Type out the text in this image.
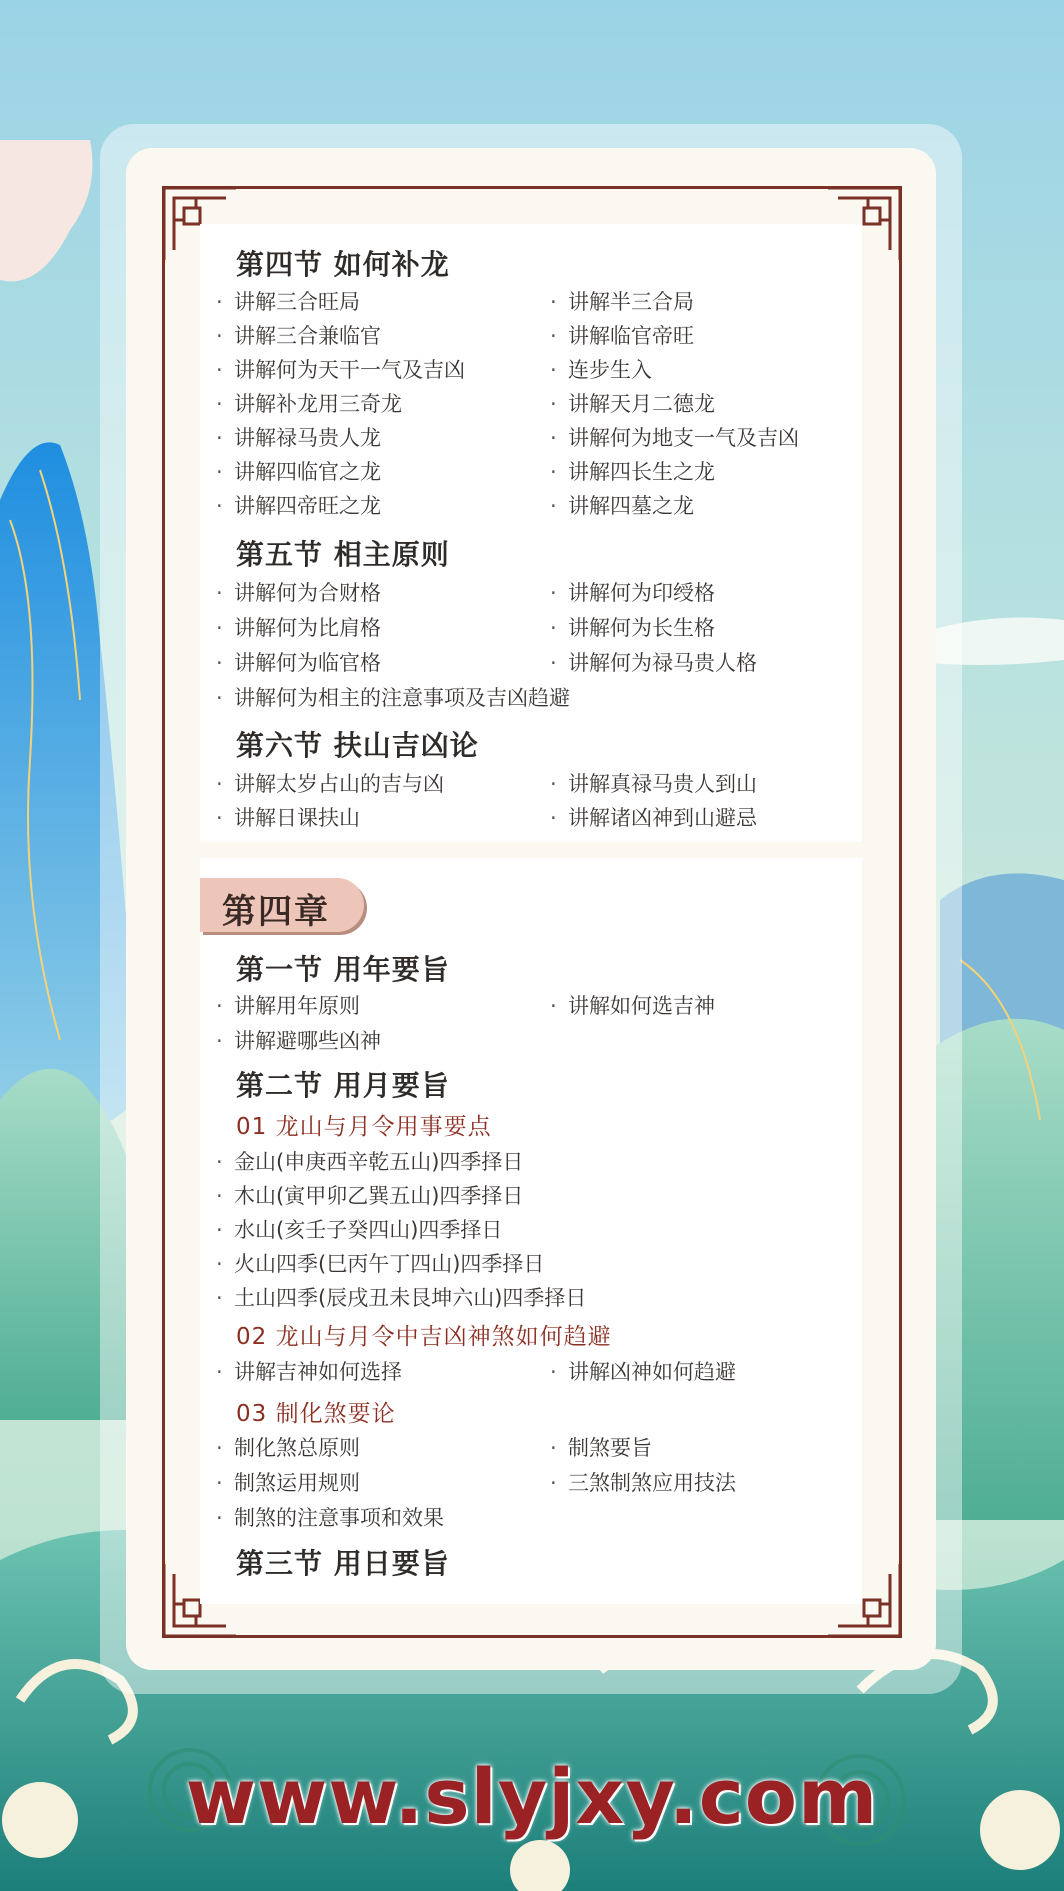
第四章
第四节 如何补龙
· 讲解三合旺局
· 讲解三合兼临官
· 讲解何为天干一气及吉凶
· 讲解补龙用三奇龙
· 讲解禄马贵人龙
· 讲解四临官之龙
· 讲解四帝旺之龙
· 讲解半三合局
· 讲解临官帝旺
· 连步生入
· 讲解天月二德龙
· 讲解何为地支一气及吉凶
· 讲解四长生之龙
· 讲解四墓之龙
第五节 相主原则
· 讲解何为合财格
· 讲解何为比肩格
· 讲解何为临官格
· 讲解何为印绶格
· 讲解何为长生格
· 讲解何为禄马贵人格
· 讲解何为相主的注意事项及吉凶趋避
第六节 扶山吉凶论
· 讲解太岁占山的吉与凶
· 讲解日课扶山
· 讲解真禄马贵人到山
· 讲解诸凶神到山避忌
第一节 用年要旨
· 讲解用年原则
· 讲解避哪些凶神
· 讲解如何选吉神
第二节 用月要旨
01 龙山与月令用事要点
· 金山(申庚西辛乾五山)四季择日
· 木山(寅甲卯乙巽五山)四季择日
· 水山(亥壬子癸四山)四季择日
· 火山四季(巳丙午丁四山)四季择日
· 土山四季(辰戌丑未艮坤六山)四季择日
02 龙山与月令中吉凶神煞如何趋避
· 讲解吉神如何选择	· 讲解凶神如何趋避
03 制化煞要论
· 制化煞总原则
· 制煞运用规则
· 制煞的注意事项和效果
· 制煞要旨
· 三煞制煞应用技法
第三节 用日要旨
www.slyjxy.com
